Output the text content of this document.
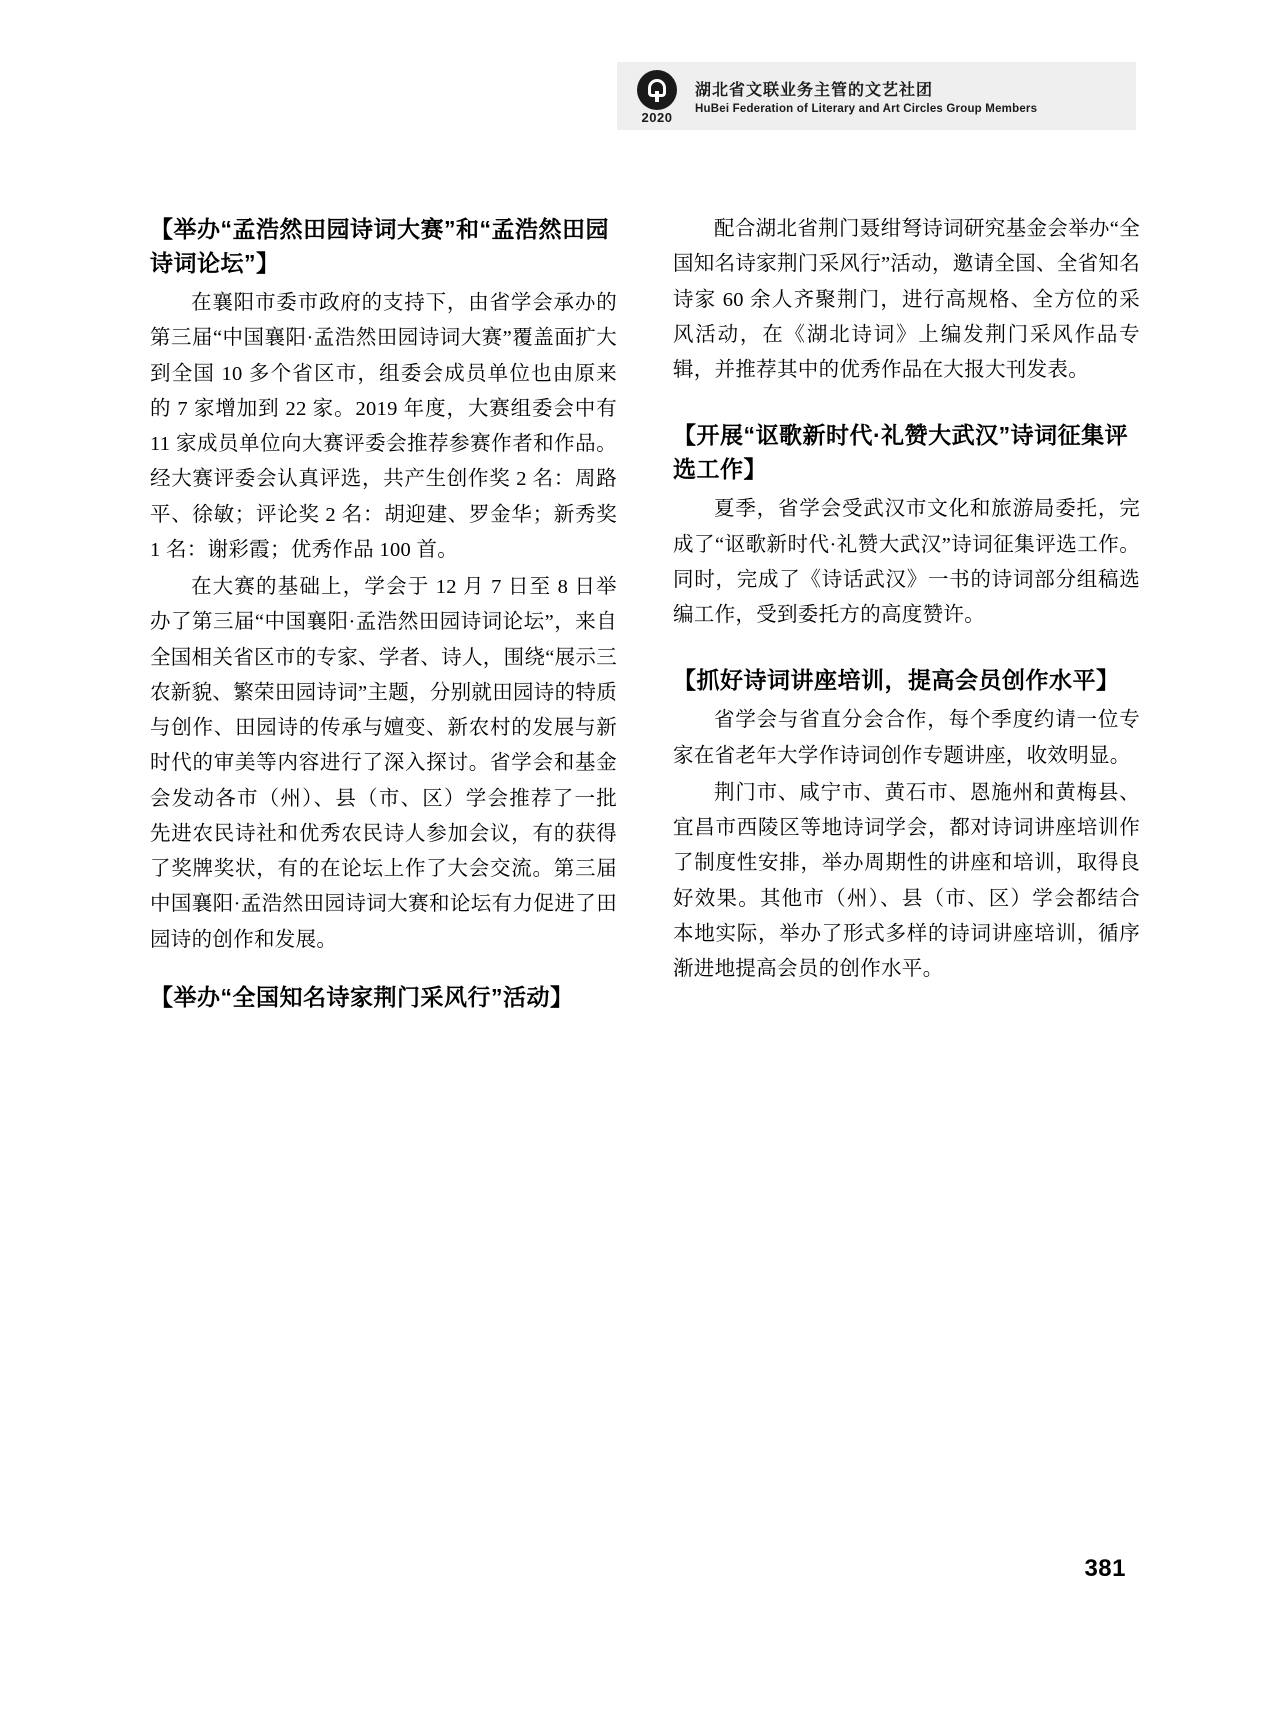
2020
湖北省文联业务主管的文艺社团
HuBei Federation of Literary and Art Circles Group Members
【举办“孟浩然田园诗词大赛”和“孟浩然田园诗词论坛”】

在襄阳市委市政府的支持下，由省学会承办的第三届“中国襄阳·孟浩然田园诗词大赛”覆盖面扩大到全国 10 多个省区市，组委会成员单位也由原来的 7 家增加到 22 家。2019 年度，大赛组委会中有 11 家成员单位向大赛评委会推荐参赛作者和作品。经大赛评委会认真评选，共产生创作奖 2 名：周路平、徐敏；评论奖 2 名：胡迎建、罗金华；新秀奖 1 名：谢彩霞；优秀作品 100 首。

在大赛的基础上，学会于 12 月 7 日至 8 日举办了第三届“中国襄阳·孟浩然田园诗词论坛”，来自全国相关省区市的专家、学者、诗人，围绕“展示三农新貌、繁荣田园诗词”主题，分别就田园诗的特质与创作、田园诗的传承与嬗变、新农村的发展与新时代的审美等内容进行了深入探讨。省学会和基金会发动各市（州）、县（市、区）学会推荐了一批先进农民诗社和优秀农民诗人参加会议，有的获得了奖牌奖状，有的在论坛上作了大会交流。第三届中国襄阳·孟浩然田园诗词大赛和论坛有力促进了田园诗的创作和发展。

【举办“全国知名诗家荆门采风行”活动】

配合湖北省荆门聂绀弩诗词研究基金会举办“全国知名诗家荆门采风行”活动，邀请全国、全省知名诗家 60 余人齐聚荆门，进行高规格、全方位的采风活动，在《湖北诗词》上编发荆门采风作品专辑，并推荐其中的优秀作品在大报大刊发表。

【开展“讴歌新时代·礼赞大武汉”诗词征集评选工作】

夏季，省学会受武汉市文化和旅游局委托，完成了“讴歌新时代·礼赞大武汉”诗词征集评选工作。同时，完成了《诗话武汉》一书的诗词部分组稿选编工作，受到委托方的高度赞许。

【抓好诗词讲座培训，提高会员创作水平】

省学会与省直分会合作，每个季度约请一位专家在省老年大学作诗词创作专题讲座，收效明显。

荆门市、咸宁市、黄石市、恩施州和黄梅县、宜昌市西陵区等地诗词学会，都对诗词讲座培训作了制度性安排，举办周期性的讲座和培训，取得良好效果。其他市（州）、县（市、区）学会都结合本地实际，举办了形式多样的诗词讲座培训，循序渐进地提高会员的创作水平。

381
